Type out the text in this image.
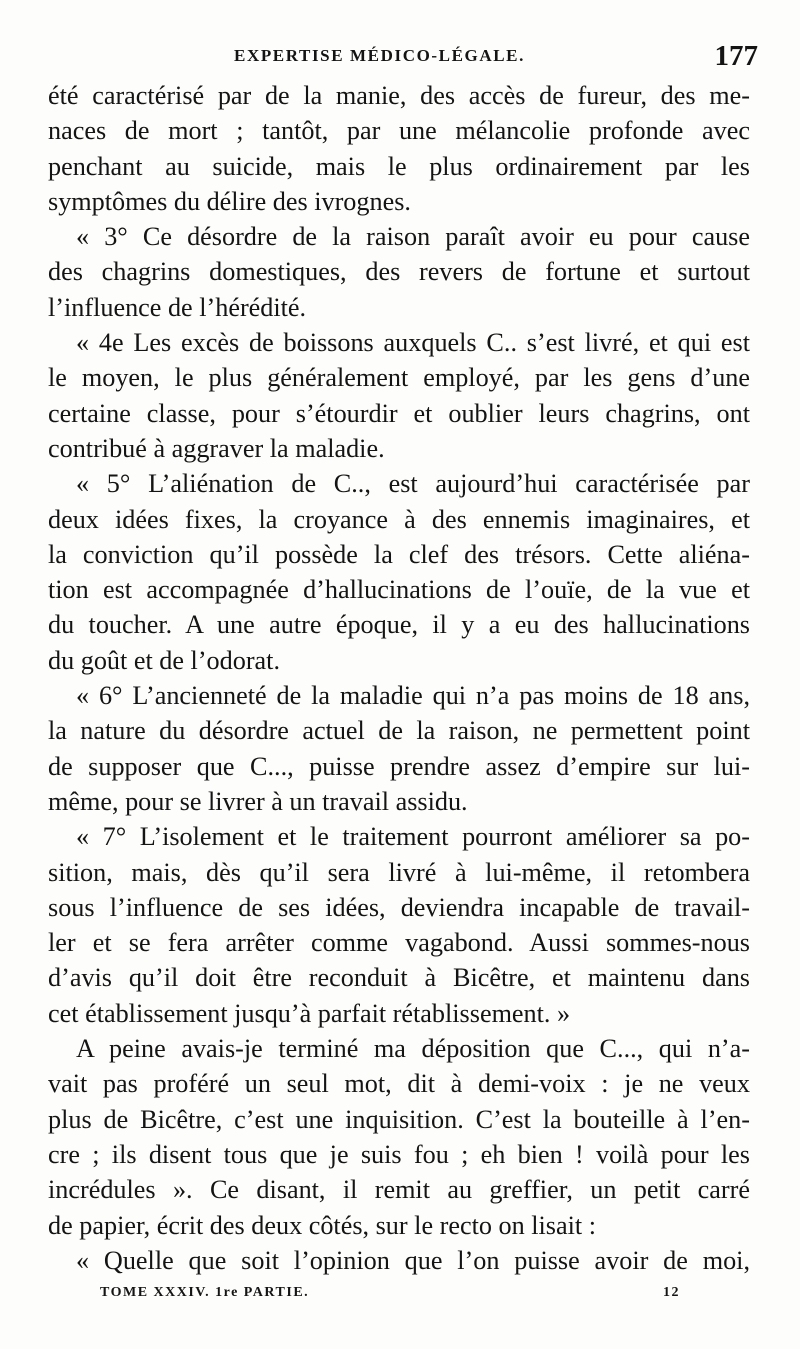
EXPERTISE MÉDICO-LÉGALE.	177
été caractérisé par de la manie, des accès de fureur, des me-
naces de mort ; tantôt, par une mélancolie profonde avec
penchant au suicide, mais le plus ordinairement par les
symptômes du délire des ivrognes.
« 3° Ce désordre de la raison paraît avoir eu pour cause
des chagrins domestiques, des revers de fortune et surtout
l’influence de l’hérédité.
« 4e Les excès de boissons auxquels C.. s’est livré, et qui est
le moyen, le plus généralement employé, par les gens d’une
certaine classe, pour s’étourdir et oublier leurs chagrins, ont
contribué à aggraver la maladie.
« 5° L’aliénation de C.., est aujourd’hui caractérisée par
deux idées fixes, la croyance à des ennemis imaginaires, et
la conviction qu’il possède la clef des trésors. Cette aliéna-
tion est accompagnée d’hallucinations de l’ouïe, de la vue et
du toucher. A une autre époque, il y a eu des hallucinations
du goût et de l’odorat.
« 6° L’ancienneté de la maladie qui n’a pas moins de 18 ans,
la nature du désordre actuel de la raison, ne permettent point
de supposer que C..., puisse prendre assez d’empire sur lui-
même, pour se livrer à un travail assidu.
« 7° L’isolement et le traitement pourront améliorer sa po-
sition, mais, dès qu’il sera livré à lui-même, il retombera
sous l’influence de ses idées, deviendra incapable de travail-
ler et se fera arrêter comme vagabond. Aussi sommes-nous
d’avis qu’il doit être reconduit à Bicêtre, et maintenu dans
cet établissement jusqu’à parfait rétablissement. »
A peine avais-je terminé ma déposition que C..., qui n’a-
vait pas proféré un seul mot, dit à demi-voix : je ne veux
plus de Bicêtre, c’est une inquisition. C’est la bouteille à l’en-
cre ; ils disent tous que je suis fou ; eh bien ! voilà pour les
incrédules ». Ce disant, il remit au greffier, un petit carré
de papier, écrit des deux côtés, sur le recto on lisait :
« Quelle que soit l’opinion que l’on puisse avoir de moi,
TOME XXXIV. 1re PARTIE.	12
